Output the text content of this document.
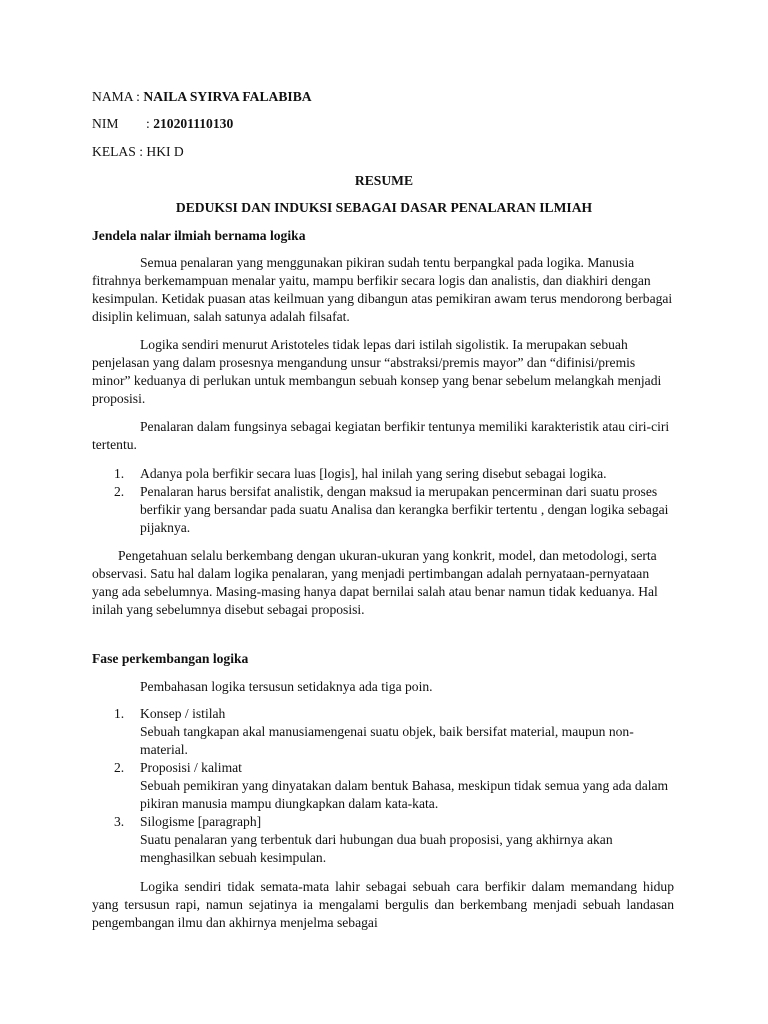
NAMA : NAILA SYIRVA FALABIBA
NIM : 210201110130
KELAS : HKI D
RESUME
DEDUKSI DAN INDUKSI SEBAGAI DASAR PENALARAN ILMIAH
Jendela nalar ilmiah bernama logika

Semua penalaran yang menggunakan pikiran sudah tentu berpangkal pada logika. Manusia fitrahnya berkemampuan menalar yaitu, mampu berfikir secara logis dan analistis, dan diakhiri dengan kesimpulan. Ketidak puasan atas keilmuan yang dibangun atas pemikiran awam terus mendorong berbagai disiplin kelimuan, salah satunya adalah filsafat.

Logika sendiri menurut Aristoteles tidak lepas dari istilah sigolistik. Ia merupakan sebuah penjelasan yang dalam prosesnya mengandung unsur “abstraksi/premis mayor” dan “difinisi/premis minor” keduanya di perlukan untuk membangun sebuah konsep yang benar sebelum melangkah menjadi proposisi.

Penalaran dalam fungsinya sebagai kegiatan berfikir tentunya memiliki karakteristik atau ciri-ciri tertentu.

1. Adanya pola berfikir secara luas [logis], hal inilah yang sering disebut sebagai logika.
2. Penalaran harus bersifat analistik, dengan maksud ia merupakan pencerminan dari suatu proses berfikir yang bersandar pada suatu Analisa dan kerangka berfikir tertentu , dengan logika sebagai pijaknya.

Pengetahuan selalu berkembang dengan ukuran-ukuran yang konkrit, model, dan metodologi, serta observasi. Satu hal dalam logika penalaran, yang menjadi pertimbangan adalah pernyataan-pernyataan yang ada sebelumnya. Masing-masing hanya dapat bernilai salah atau benar namun tidak keduanya. Hal inilah yang sebelumnya disebut sebagai proposisi.

Fase perkembangan logika
Pembahasan logika tersusun setidaknya ada tiga poin.
1. Konsep / istilah
Sebuah tangkapan akal manusiamengenai suatu objek, baik bersifat material, maupun non-material.
2. Proposisi / kalimat
Sebuah pemikiran yang dinyatakan dalam bentuk Bahasa, meskipun tidak semua yang ada dalam pikiran manusia mampu diungkapkan dalam kata-kata.
3. Silogisme [paragraph]
Suatu penalaran yang terbentuk dari hubungan dua buah proposisi, yang akhirnya akan menghasilkan sebuah kesimpulan.

Logika sendiri tidak semata-mata lahir sebagai sebuah cara berfikir dalam memandang hidup yang tersusun rapi, namun sejatinya ia mengalami bergulis dan berkembang menjadi sebuah landasan pengembangan ilmu dan akhirnya menjelma sebagai
